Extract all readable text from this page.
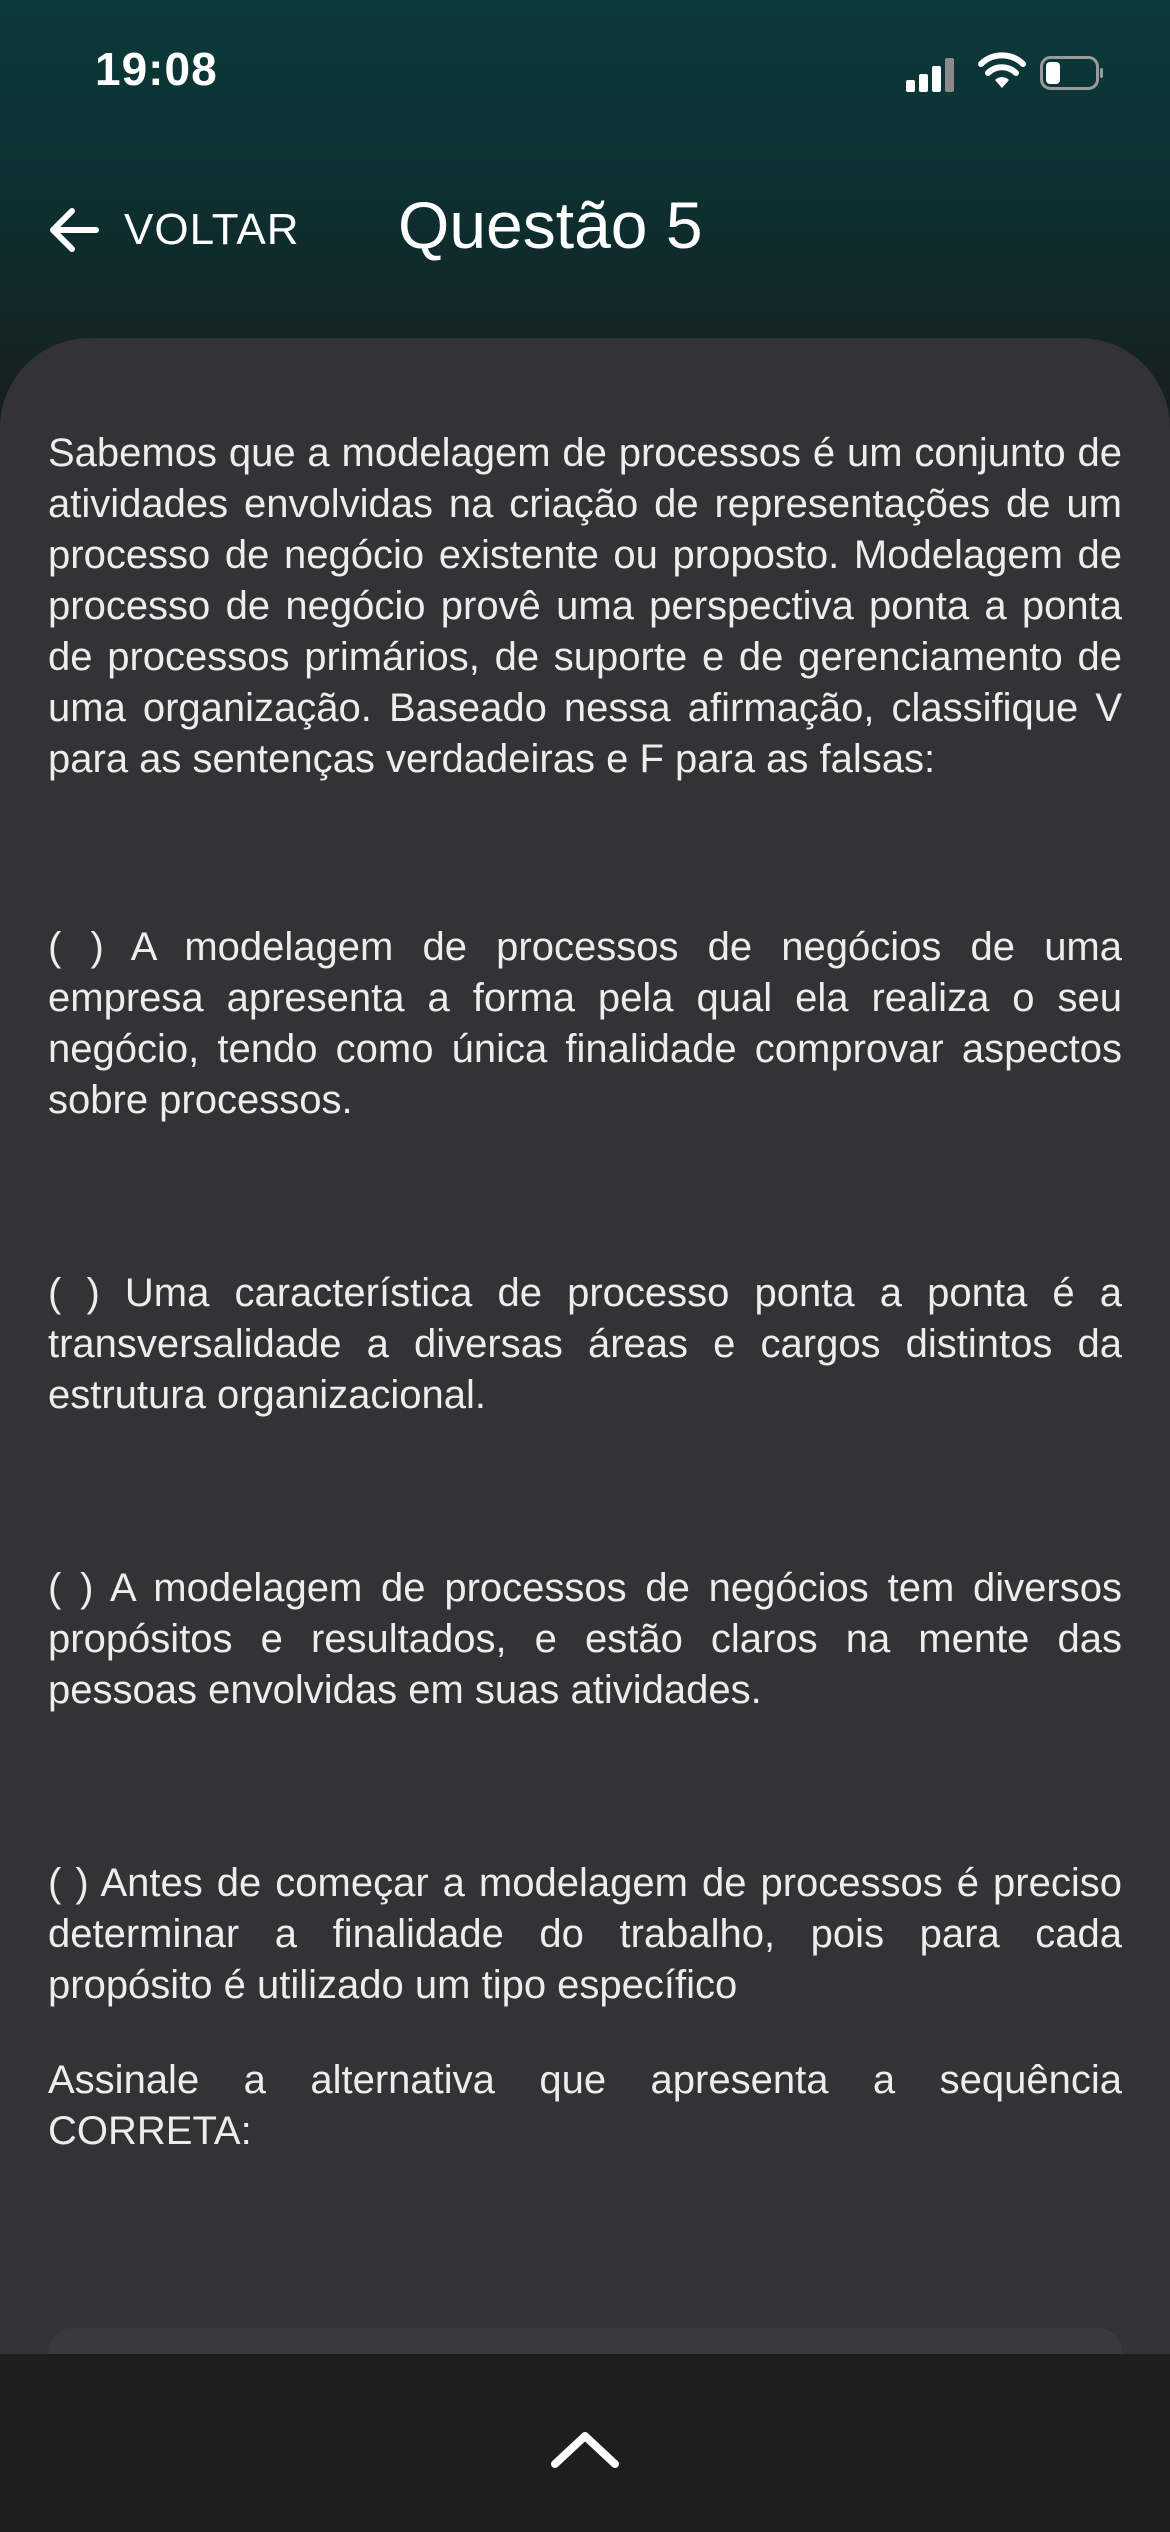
19:08
VOLTAR Questão 5

Sabemos que a modelagem de processos é um conjunto de atividades envolvidas na criação de representações de um processo de negócio existente ou proposto. Modelagem de processo de negócio provê uma perspectiva ponta a ponta de processos primários, de suporte e de gerenciamento de uma organização. Baseado nessa afirmação, classifique V para as sentenças verdadeiras e F para as falsas:

( ) A modelagem de processos de negócios de uma empresa apresenta a forma pela qual ela realiza o seu negócio, tendo como única finalidade comprovar aspectos sobre processos.

( ) Uma característica de processo ponta a ponta é a transversalidade a diversas áreas e cargos distintos da estrutura organizacional.

( ) A modelagem de processos de negócios tem diversos propósitos e resultados, e estão claros na mente das pessoas envolvidas em suas atividades.

( ) Antes de começar a modelagem de processos é preciso determinar a finalidade do trabalho, pois para cada propósito é utilizado um tipo específico

Assinale a alternativa que apresenta a sequência CORRETA:
